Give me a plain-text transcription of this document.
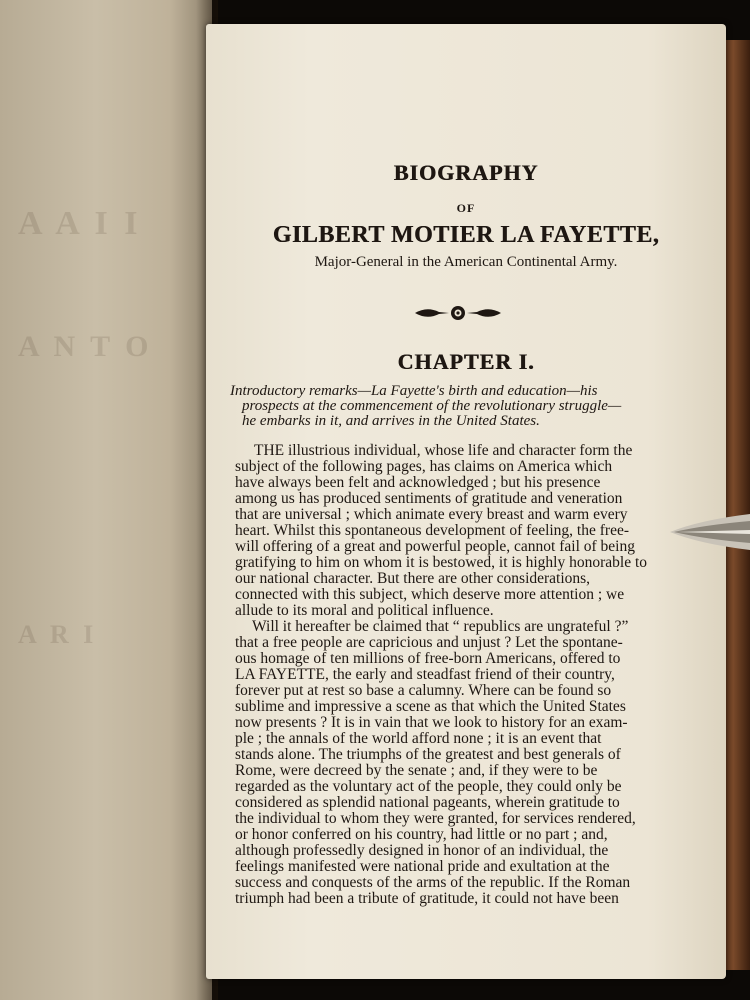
A A I I
A N T O
A R I
BIOGRAPHY
OF
GILBERT MOTIER LA FAYETTE,
Major-General in the American Continental Army.
CHAPTER I.
Introductory remarks—La Fayette's birth and education—his
prospects at the commencement of the revolutionary struggle—
he embarks in it, and arrives in the United States.
THE illustrious individual, whose life and character form the
subject of the following pages, has claims on America which
have always been felt and acknowledged ; but his presence
among us has produced sentiments of gratitude and veneration
that are universal ; which animate every breast and warm every
heart. Whilst this spontaneous development of feeling, the free-
will offering of a great and powerful people, cannot fail of being
gratifying to him on whom it is bestowed, it is highly honorable to
our national character. But there are other considerations,
connected with this subject, which deserve more attention ; we
allude to its moral and political influence.
Will it hereafter be claimed that “ republics are ungrateful ?”
that a free people are capricious and unjust ? Let the spontane-
ous homage of ten millions of free-born Americans, offered to
LA FAYETTE, the early and steadfast friend of their country,
forever put at rest so base a calumny. Where can be found so
sublime and impressive a scene as that which the United States
now presents ? It is in vain that we look to history for an exam-
ple ; the annals of the world afford none ; it is an event that
stands alone. The triumphs of the greatest and best generals of
Rome, were decreed by the senate ; and, if they were to be
regarded as the voluntary act of the people, they could only be
considered as splendid national pageants, wherein gratitude to
the individual to whom they were granted, for services rendered,
or honor conferred on his country, had little or no part ; and,
although professedly designed in honor of an individual, the
feelings manifested were national pride and exultation at the
success and conquests of the arms of the republic. If the Roman
triumph had been a tribute of gratitude, it could not have been
